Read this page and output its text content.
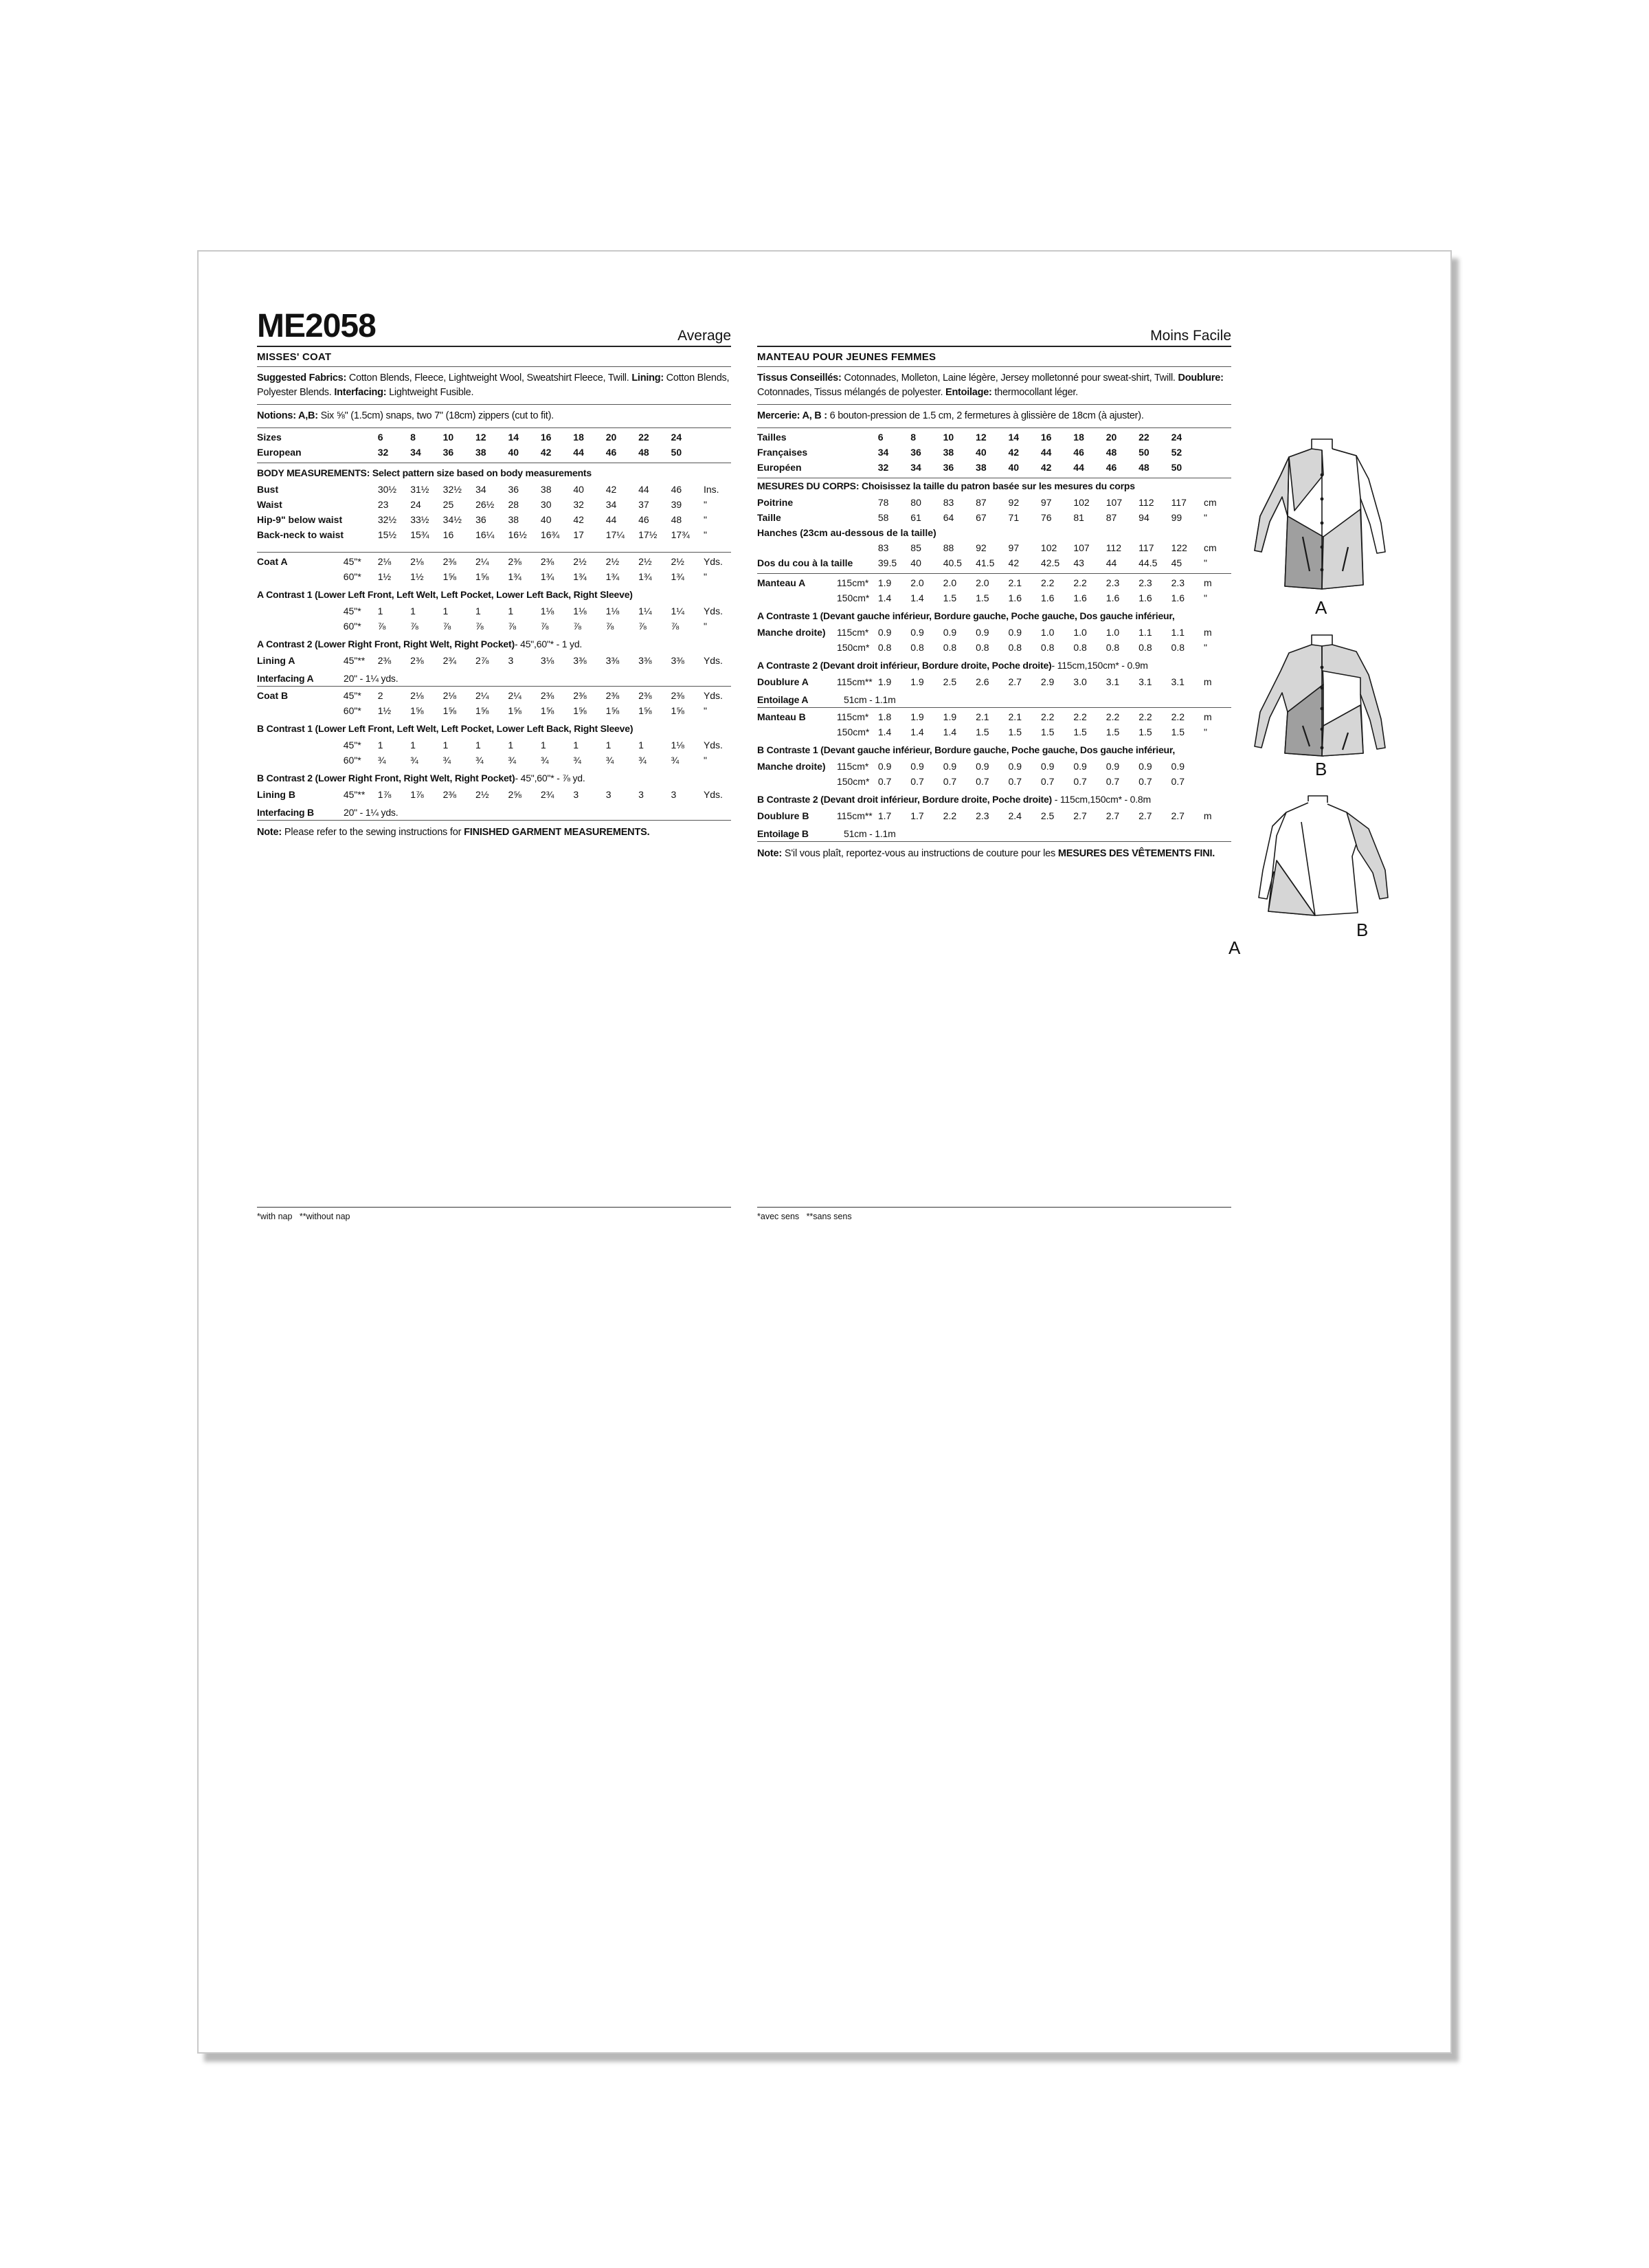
ME2058	Average
MISSES' COAT
Suggested Fabrics: Cotton Blends, Fleece, Lightweight Wool, Sweatshirt Fleece, Twill. Lining: Cotton Blends, Polyester Blends. Interfacing: Lightweight Fusible.
Notions: A,B: Six ⅝" (1.5cm) snaps, two 7" (18cm) zippers (cut to fit).
Sizes	6	8	10	12	14	16	18	20	22	24	
European	32	34	36	38	40	42	44	46	48	50	
BODY MEASUREMENTS: Select pattern size based on body measurements
Bust	30½	31½	32½	34	36	38	40	42	44	46	Ins.
Waist	23	24	25	26½	28	30	32	34	37	39	"
Hip-9" below waist	32½	33½	34½	36	38	40	42	44	46	48	"
Back-neck to waist	15½	15¾	16	16¼	16½	16¾	17	17¼	17½	17¾	"
Coat A	45"*	2⅛	2⅛	2⅜	2¼	2⅜	2⅜	2½	2½	2½	2½	Yds.
	60"*	1½	1½	1⅝	1⅝	1¾	1¾	1¾	1¾	1¾	1¾	"
A Contrast 1 (Lower Left Front, Left Welt, Left Pocket, Lower Left Back, Right Sleeve)
	45"*	1	1	1	1	1	1⅛	1⅛	1⅛	1¼	1¼	Yds.
	60"*	⅞	⅞	⅞	⅞	⅞	⅞	⅞	⅞	⅞	⅞	"
A Contrast 2 (Lower Right Front, Right Welt, Right Pocket)- 45",60"* - 1 yd.
Lining A	45"**	2⅜	2⅜	2¾	2⅞	3	3⅛	3⅜	3⅜	3⅜	3⅜	Yds.
Interfacing A	20" - 1¼ yds.
Coat B	45"*	2	2⅛	2⅛	2¼	2¼	2⅜	2⅜	2⅜	2⅜	2⅜	Yds.
	60"*	1½	1⅝	1⅝	1⅝	1⅝	1⅝	1⅝	1⅝	1⅝	1⅝	"
B Contrast 1 (Lower Left Front, Left Welt, Left Pocket, Lower Left Back, Right Sleeve)
	45"*	1	1	1	1	1	1	1	1	1	1⅛	Yds.
	60"*	¾	¾	¾	¾	¾	¾	¾	¾	¾	¾	"
B Contrast 2 (Lower Right Front, Right Welt, Right Pocket)- 45",60"* - ⅞ yd.
Lining B	45"**	1⅞	1⅞	2⅜	2½	2⅝	2¾	3	3	3	3	Yds.
Interfacing B	20" - 1¼ yds.
Note: Please refer to the sewing instructions for FINISHED GARMENT MEASUREMENTS.
*with nap   **without nap
Moins Facile
MANTEAU POUR JEUNES FEMMES
Tissus Conseillés: Cotonnades, Molleton, Laine légère, Jersey molletonné pour sweat-shirt, Twill. Doublure: Cotonnades, Tissus mélangés de polyester. Entoilage: thermocollant léger.
Mercerie: A, B : 6 bouton-pression de 1.5 cm, 2 fermetures à glissière de 18cm (à ajuster).
Tailles	6	8	10	12	14	16	18	20	22	24	
Françaises	34	36	38	40	42	44	46	48	50	52	
Européen	32	34	36	38	40	42	44	46	48	50	
MESURES DU CORPS: Choisissez la taille du patron basée sur les mesures du corps
Poitrine	78	80	83	87	92	97	102	107	112	117	cm
Taille	58	61	64	67	71	76	81	87	94	99	"
Hanches (23cm au-dessous de la taille)											
	83	85	88	92	97	102	107	112	117	122	cm
Dos du cou à la taille	39.5	40	40.5	41.5	42	42.5	43	44	44.5	45	"
Manteau A	115cm*	1.9	2.0	2.0	2.0	2.1	2.2	2.2	2.3	2.3	2.3	m
	150cm*	1.4	1.4	1.5	1.5	1.6	1.6	1.6	1.6	1.6	1.6	"
A Contraste 1 (Devant gauche inférieur, Bordure gauche, Poche gauche, Dos gauche inférieur,
Manche droite)	115cm*	0.9	0.9	0.9	0.9	0.9	1.0	1.0	1.0	1.1	1.1	m
	150cm*	0.8	0.8	0.8	0.8	0.8	0.8	0.8	0.8	0.8	0.8	"
A Contraste 2 (Devant droit inférieur, Bordure droite, Poche droite)- 115cm,150cm* - 0.9m
Doublure A	115cm**	1.9	1.9	2.5	2.6	2.7	2.9	3.0	3.1	3.1	3.1	m
Entoilage A	51cm - 1.1m
Manteau B	115cm*	1.8	1.9	1.9	2.1	2.1	2.2	2.2	2.2	2.2	2.2	m
	150cm*	1.4	1.4	1.4	1.5	1.5	1.5	1.5	1.5	1.5	1.5	"
B Contraste 1 (Devant gauche inférieur, Bordure gauche, Poche gauche, Dos gauche inférieur,
Manche droite)	115cm*	0.9	0.9	0.9	0.9	0.9	0.9	0.9	0.9	0.9	0.9	
	150cm*	0.7	0.7	0.7	0.7	0.7	0.7	0.7	0.7	0.7	0.7	
B Contraste 2 (Devant droit inférieur, Bordure droite, Poche droite) - 115cm,150cm* - 0.8m
Doublure B	115cm**	1.7	1.7	2.2	2.3	2.4	2.5	2.7	2.7	2.7	2.7	m
Entoilage B	51cm - 1.1m
Note: S'il vous plaît, reportez-vous au instructions de couture pour les MESURES DES VÊTEMENTS FINI.
*avec sens   **sans sens
A
B
B
A
